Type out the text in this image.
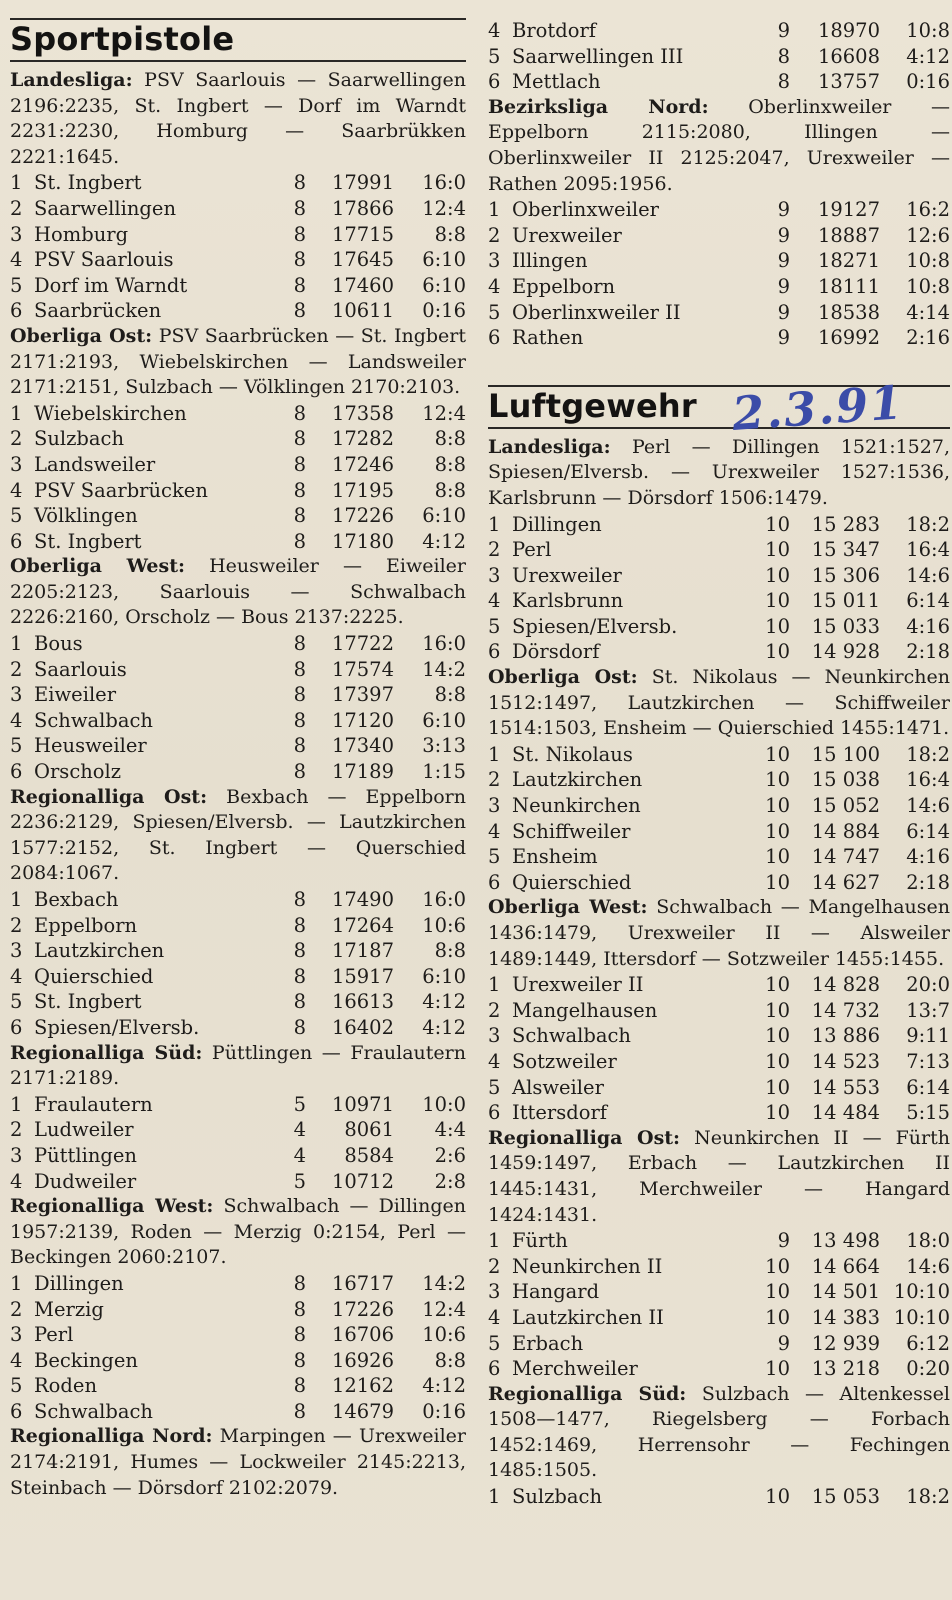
Sportpistole

Landesliga: PSV Saarlouis — Saarwellingen 2196:2235, St. Ingbert — Dorf im Warndt 2231:2230, Homburg — Saarbrükken 2221:1645.

1	St. Ingbert	8	17991	16:0
2	Saarwellingen	8	17866	12:4
3	Homburg	8	17715	8:8
4	PSV Saarlouis	8	17645	6:10
5	Dorf im Warndt	8	17460	6:10
6	Saarbrücken	8	10611	0:16

Oberliga Ost: PSV Saarbrücken — St. Ingbert 2171:2193, Wiebelskirchen — Landsweiler 2171:2151, Sulzbach — Völklingen 2170:2103.

1	Wiebelskirchen	8	17358	12:4
2	Sulzbach	8	17282	8:8
3	Landsweiler	8	17246	8:8
4	PSV Saarbrücken	8	17195	8:8
5	Völklingen	8	17226	6:10
6	St. Ingbert	8	17180	4:12

Oberliga West: Heusweiler — Eiweiler 2205:2123, Saarlouis — Schwalbach 2226:2160, Orscholz — Bous 2137:2225.

1	Bous	8	17722	16:0
2	Saarlouis	8	17574	14:2
3	Eiweiler	8	17397	8:8
4	Schwalbach	8	17120	6:10
5	Heusweiler	8	17340	3:13
6	Orscholz	8	17189	1:15

Regionalliga Ost: Bexbach — Eppelborn 2236:2129, Spiesen/Elversb. — Lautzkirchen 1577:2152, St. Ingbert — Querschied 2084:1067.

1	Bexbach	8	17490	16:0
2	Eppelborn	8	17264	10:6
3	Lautzkirchen	8	17187	8:8
4	Quierschied	8	15917	6:10
5	St. Ingbert	8	16613	4:12
6	Spiesen/Elversb.	8	16402	4:12

Regionalliga Süd: Püttlingen — Fraulautern 2171:2189.

1	Fraulautern	5	10971	10:0
2	Ludweiler	4	8061	4:4
3	Püttlingen	4	8584	2:6
4	Dudweiler	5	10712	2:8

Regionalliga West: Schwalbach — Dillingen 1957:2139, Roden — Merzig 0:2154, Perl — Beckingen 2060:2107.

1	Dillingen	8	16717	14:2
2	Merzig	8	17226	12:4
3	Perl	8	16706	10:6
4	Beckingen	8	16926	8:8
5	Roden	8	12162	4:12
6	Schwalbach	8	14679	0:16

Regionalliga Nord: Marpingen — Urexweiler 2174:2191, Humes — Lockweiler 2145:2213, Steinbach — Dörsdorf 2102:2079.

4	Brotdorf	9	18970	10:8
5	Saarwellingen III	8	16608	4:12
6	Mettlach	8	13757	0:16

Bezirksliga Nord: Oberlinxweiler — Eppelborn 2115:2080, Illingen — Oberlinxweiler II 2125:2047, Urexweiler — Rathen 2095:1956.

1	Oberlinxweiler	9	19127	16:2
2	Urexweiler	9	18887	12:6
3	Illingen	9	18271	10:8
4	Eppelborn	9	18111	10:8
5	Oberlinxweiler II	9	18538	4:14
6	Rathen	9	16992	2:16
Luftgewehr 2.3.91

Landesliga: Perl — Dillingen 1521:1527, Spiesen/Elversb. — Urexweiler 1527:1536, Karlsbrunn — Dörsdorf 1506:1479.

1	Dillingen	10	15 283	18:2
2	Perl	10	15 347	16:4
3	Urexweiler	10	15 306	14:6
4	Karlsbrunn	10	15 011	6:14
5	Spiesen/Elversb.	10	15 033	4:16
6	Dörsdorf	10	14 928	2:18

Oberliga Ost: St. Nikolaus — Neunkirchen 1512:1497, Lautzkirchen — Schiffweiler 1514:1503, Ensheim — Quierschied 1455:1471.

1	St. Nikolaus	10	15 100	18:2
2	Lautzkirchen	10	15 038	16:4
3	Neunkirchen	10	15 052	14:6
4	Schiffweiler	10	14 884	6:14
5	Ensheim	10	14 747	4:16
6	Quierschied	10	14 627	2:18

Oberliga West: Schwalbach — Mangelhausen 1436:1479, Urexweiler II — Alsweiler 1489:1449, Ittersdorf — Sotzweiler 1455:1455.

1	Urexweiler II	10	14 828	20:0
2	Mangelhausen	10	14 732	13:7
3	Schwalbach	10	13 886	9:11
4	Sotzweiler	10	14 523	7:13
5	Alsweiler	10	14 553	6:14
6	Ittersdorf	10	14 484	5:15

Regionalliga Ost: Neunkirchen II — Fürth 1459:1497, Erbach — Lautzkirchen II 1445:1431, Merchweiler — Hangard 1424:1431.

1	Fürth	9	13 498	18:0
2	Neunkirchen II	10	14 664	14:6
3	Hangard	10	14 501	10:10
4	Lautzkirchen II	10	14 383	10:10
5	Erbach	9	12 939	6:12
6	Merchweiler	10	13 218	0:20

Regionalliga Süd: Sulzbach — Altenkessel 1508—1477, Riegelsberg — Forbach 1452:1469, Herrensohr — Fechingen 1485:1505.

1	Sulzbach	10	15 053	18:2
